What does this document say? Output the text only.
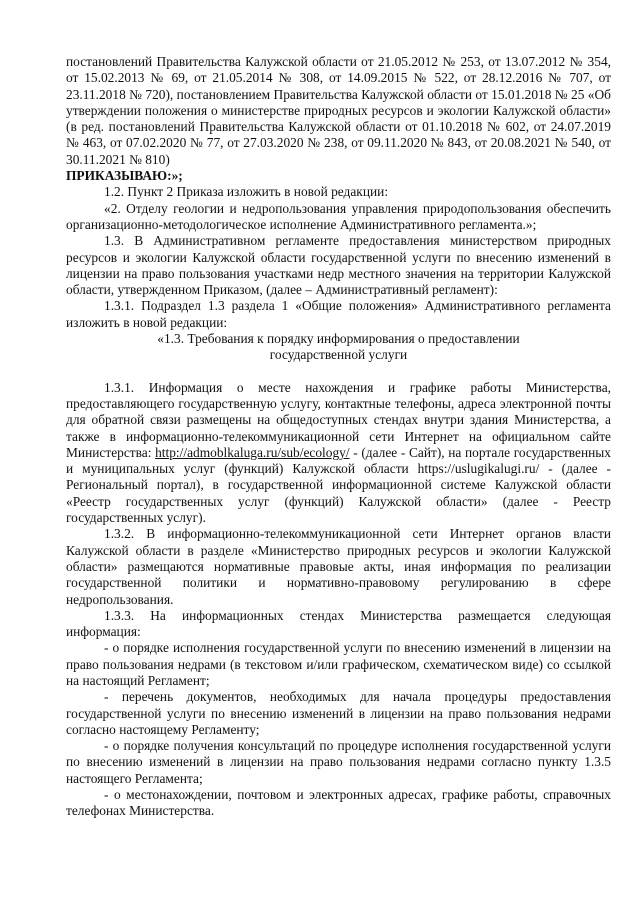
постановлений Правительства Калужской области от 21.05.2012 № 253, от 13.07.2012 № 354, от 15.02.2013 № 69, от 21.05.2014 № 308, от 14.09.2015 № 522, от 28.12.2016 № 707, от 23.11.2018 № 720), постановлением Правительства Калужской области от 15.01.2018 № 25 «Об утверждении положения о министерстве природных ресурсов и экологии Калужской области» (в ред. постановлений Правительства Калужской области от 01.10.2018 № 602, от 24.07.2019 № 463, от 07.02.2020 № 77, от 27.03.2020 № 238, от 09.11.2020 № 843, от 20.08.2021 № 540, от 30.11.2021 № 810)

ПРИКАЗЫВАЮ:»;

1.2. Пункт 2 Приказа изложить в новой редакции:

«2. Отделу геологии и недропользования управления природопользования обеспечить организационно-методологическое исполнение Административного регламента.»;

1.3. В Административном регламенте предоставления министерством природных ресурсов и экологии Калужской области государственной услуги по внесению изменений в лицензии на право пользования участками недр местного значения на территории Калужской области, утвержденном Приказом, (далее – Административный регламент):

1.3.1. Подраздел 1.3 раздела 1 «Общие положения» Административного регламента изложить в новой редакции:

«1.3. Требования к порядку информирования о предоставлении

государственной услуги

1.3.1. Информация о месте нахождения и графике работы Министерства, предоставляющего государственную услугу, контактные телефоны, адреса электронной почты для обратной связи размещены на общедоступных стендах внутри здания Министерства, а также в информационно-телекоммуникационной сети Интернет на официальном сайте Министерства: http://admoblkaluga.ru/sub/ecology/ - (далее - Сайт), на портале государственных и муниципальных услуг (функций) Калужской области https://uslugikalugi.ru/ - (далее - Региональный портал), в государственной информационной системе Калужской области «Реестр государственных услуг (функций) Калужской области» (далее - Реестр государственных услуг).

1.3.2. В информационно-телекоммуникационной сети Интернет органов власти Калужской области в разделе «Министерство природных ресурсов и экологии Калужской области» размещаются нормативные правовые акты, иная информация по реализации государственной политики и нормативно-правовому регулированию в сфере недропользования.

1.3.3. На информационных стендах Министерства размещается следующая информация:

- о порядке исполнения государственной услуги по внесению изменений в лицензии на право пользования недрами (в текстовом и/или графическом, схематическом виде) со ссылкой на настоящий Регламент;

- перечень документов, необходимых для начала процедуры предоставления государственной услуги по внесению изменений в лицензии на право пользования недрами согласно настоящему Регламенту;

- о порядке получения консультаций по процедуре исполнения государственной услуги по внесению изменений в лицензии на право пользования недрами согласно пункту 1.3.5 настоящего Регламента;

- о местонахождении, почтовом и электронных адресах, графике работы, справочных телефонах Министерства.
